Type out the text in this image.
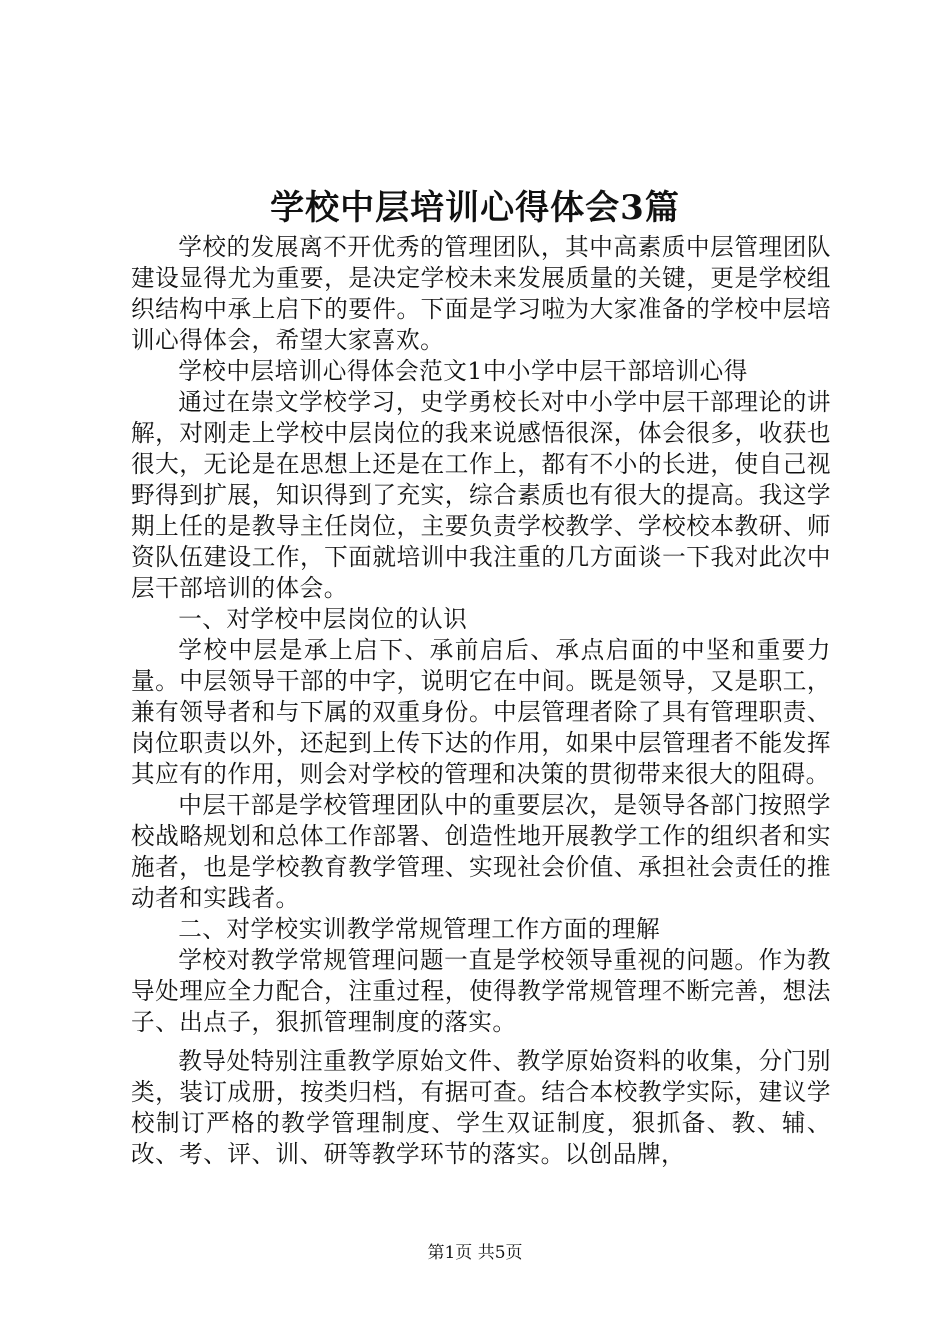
学校中层培训心得体会3篇

学校的发展离不开优秀的管理团队，其中高素质中层管理团队建设显得尤为重要，是决定学校未来发展质量的关键，更是学校组织结构中承上启下的要件。下面是学习啦为大家准备的学校中层培训心得体会，希望大家喜欢。

学校中层培训心得体会范文1中小学中层干部培训心得

通过在崇文学校学习，史学勇校长对中小学中层干部理论的讲解，对刚走上学校中层岗位的我来说感悟很深，体会很多，收获也很大，无论是在思想上还是在工作上，都有不小的长进，使自己视野得到扩展，知识得到了充实，综合素质也有很大的提高。我这学期上任的是教导主任岗位，主要负责学校教学、学校校本教研、师资队伍建设工作，下面就培训中我注重的几方面谈一下我对此次中层干部培训的体会。

一、对学校中层岗位的认识

学校中层是承上启下、承前启后、承点启面的中坚和重要力量。中层领导干部的中字，说明它在中间。既是领导，又是职工，兼有领导者和与下属的双重身份。中层管理者除了具有管理职责、岗位职责以外，还起到上传下达的作用，如果中层管理者不能发挥其应有的作用，则会对学校的管理和决策的贯彻带来很大的阻碍。

中层干部是学校管理团队中的重要层次，是领导各部门按照学校战略规划和总体工作部署、创造性地开展教学工作的组织者和实施者，也是学校教育教学管理、实现社会价值、承担社会责任的推动者和实践者。

二、对学校实训教学常规管理工作方面的理解

学校对教学常规管理问题一直是学校领导重视的问题。作为教导处理应全力配合，注重过程，使得教学常规管理不断完善，想法子、出点子，狠抓管理制度的落实。

教导处特别注重教学原始文件、教学原始资料的收集，分门别类，装订成册，按类归档，有据可查。结合本校教学实际，建议学校制订严格的教学管理制度、学生双证制度，狠抓备、教、辅、改、考、评、训、研等教学环节的落实。以创品牌，

第1页 共5页
